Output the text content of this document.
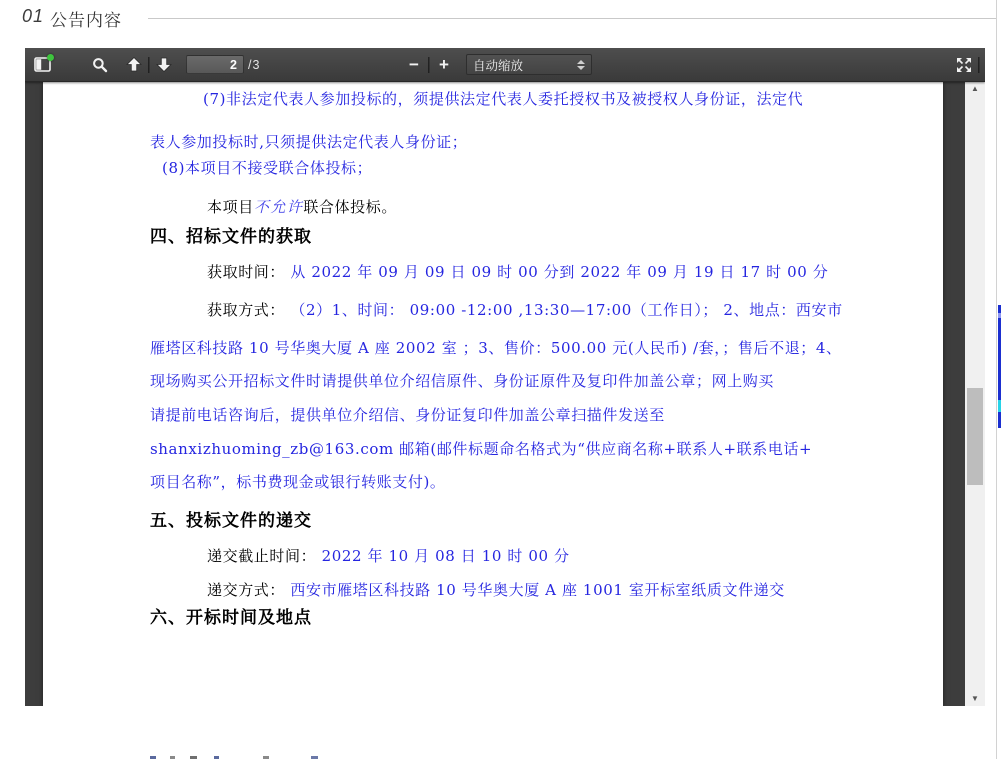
01 公告内容
2
/3	−	+	自动缩放
(7)非法定代表人参加投标的，须提供法定代表人委托授权书及被授权人身份证，法定代
表人参加投标时,只须提供法定代表人身份证；
(8)本项目不接受联合体投标；
本项目不允许联合体投标。
四、招标文件的获取
获取时间： 从 2022 年 09 月 09 日 09 时 00 分到 2022 年 09 月 19 日 17 时 00 分
获取方式： （2）1、时间： 09:00 -12:00 ,13:30—17:00（工作日）； 2、地点：西安市
雁塔区科技路 10 号华奥大厦 A 座 2002 室 ；3、售价：500.00 元(人民币) /套，；售后不退；4、
现场购买公开招标文件时请提供单位介绍信原件、身份证原件及复印件加盖公章；网上购买
请提前电话咨询后，提供单位介绍信、身份证复印件加盖公章扫描件发送至
shanxizhuoming_zb@163.com 邮箱(邮件标题命名格式为“供应商名称+联系人+联系电话+
项目名称”，标书费现金或银行转账支付)。
五、投标文件的递交
递交截止时间： 2022 年 10 月 08 日 10 时 00 分
递交方式： 西安市雁塔区科技路 10 号华奥大厦 A 座 1001 室开标室纸质文件递交
六、开标时间及地点
▲
▼
